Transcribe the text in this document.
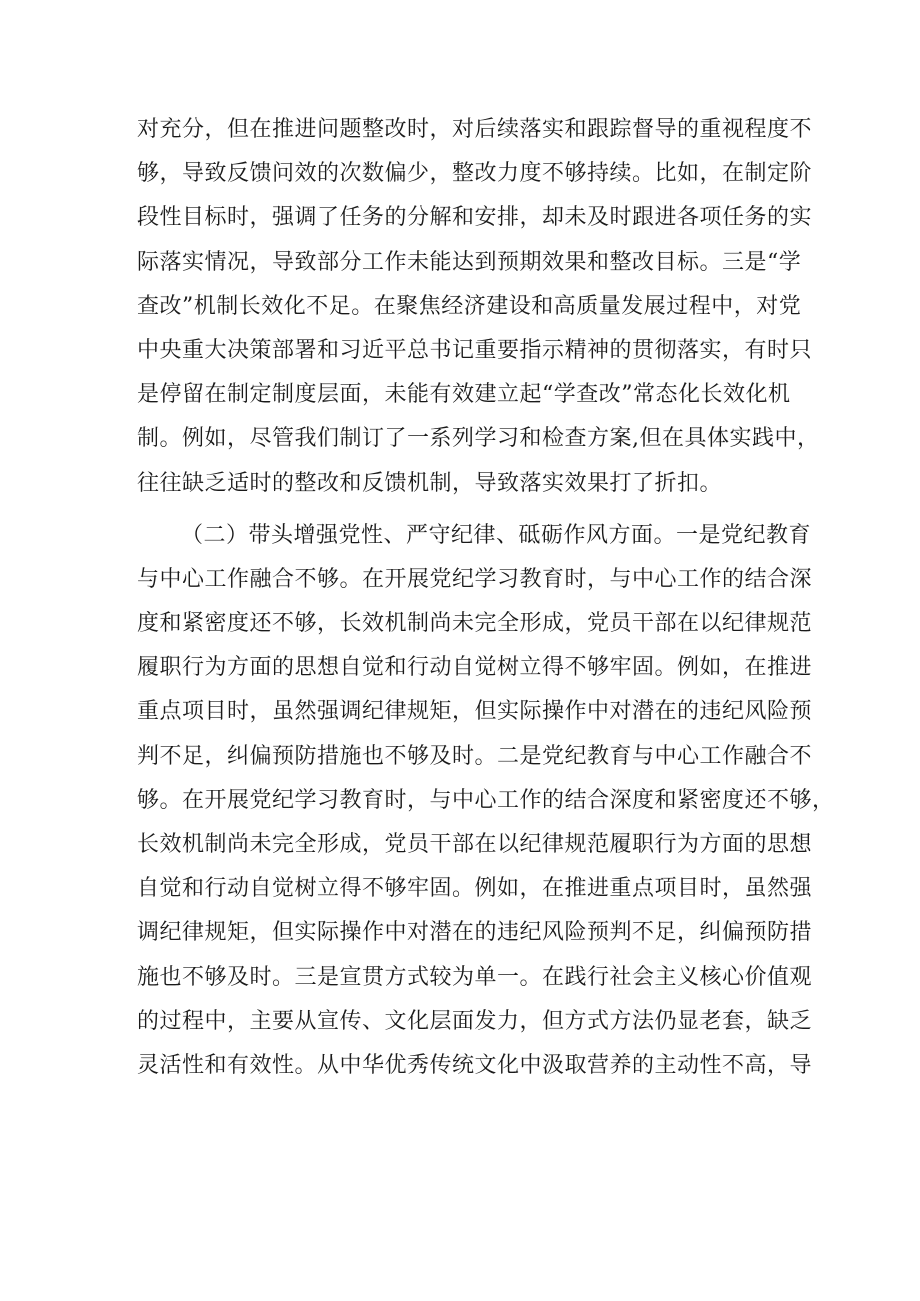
对充分，但在推进问题整改时，对后续落实和跟踪督导的重视程度不
够，导致反馈问效的次数偏少，整改力度不够持续。比如，在制定阶
段性目标时，强调了任务的分解和安排，却未及时跟进各项任务的实
际落实情况，导致部分工作未能达到预期效果和整改目标。三是“学
查改”机制长效化不足。在聚焦经济建设和高质量发展过程中，对党
中央重大决策部署和习近平总书记重要指示精神的贯彻落实，有时只
是停留在制定制度层面，未能有效建立起“学查改”常态化长效化机
制。例如，尽管我们制订了一系列学习和检查方案,但在具体实践中，
往往缺乏适时的整改和反馈机制，导致落实效果打了折扣。
（二）带头增强党性、严守纪律、砥砺作风方面。一是党纪教育
与中心工作融合不够。在开展党纪学习教育时，与中心工作的结合深
度和紧密度还不够，长效机制尚未完全形成，党员干部在以纪律规范
履职行为方面的思想自觉和行动自觉树立得不够牢固。例如，在推进
重点项目时，虽然强调纪律规矩，但实际操作中对潜在的违纪风险预
判不足，纠偏预防措施也不够及时。二是党纪教育与中心工作融合不
够。在开展党纪学习教育时，与中心工作的结合深度和紧密度还不够，
长效机制尚未完全形成，党员干部在以纪律规范履职行为方面的思想
自觉和行动自觉树立得不够牢固。例如，在推进重点项目时，虽然强
调纪律规矩，但实际操作中对潜在的违纪风险预判不足，纠偏预防措
施也不够及时。三是宣贯方式较为单一。在践行社会主义核心价值观
的过程中，主要从宣传、文化层面发力，但方式方法仍显老套，缺乏
灵活性和有效性。从中华优秀传统文化中汲取营养的主动性不高，导
